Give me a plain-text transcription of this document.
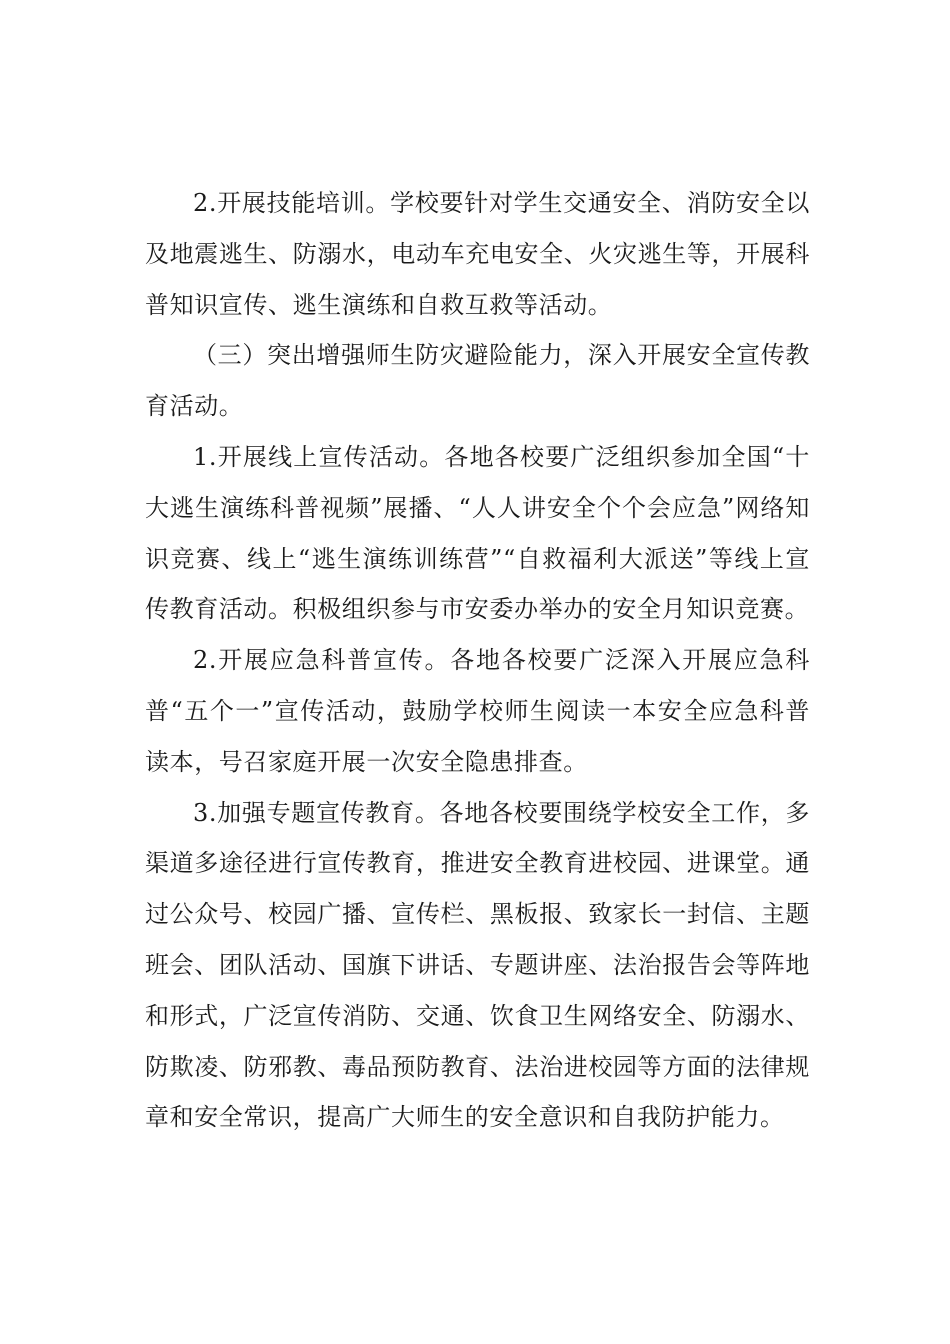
2.开展技能培训。学校要针对学生交通安全、消防安全以及地震逃生、防溺水，电动车充电安全、火灾逃生等，开展科普知识宣传、逃生演练和自救互救等活动。

（三）突出增强师生防灾避险能力，深入开展安全宣传教育活动。

1.开展线上宣传活动。各地各校要广泛组织参加全国“十大逃生演练科普视频”展播、“人人讲安全个个会应急”网络知识竞赛、线上“逃生演练训练营”“自救福利大派送”等线上宣传教育活动。积极组织参与市安委办举办的安全月知识竞赛。

2.开展应急科普宣传。各地各校要广泛深入开展应急科普“五个一”宣传活动，鼓励学校师生阅读一本安全应急科普读本，号召家庭开展一次安全隐患排查。

3.加强专题宣传教育。各地各校要围绕学校安全工作，多渠道多途径进行宣传教育，推进安全教育进校园、进课堂。通过公众号、校园广播、宣传栏、黑板报、致家长一封信、主题班会、团队活动、国旗下讲话、专题讲座、法治报告会等阵地和形式，广泛宣传消防、交通、饮食卫生网络安全、防溺水、防欺凌、防邪教、毒品预防教育、法治进校园等方面的法律规章和安全常识，提高广大师生的安全意识和自我防护能力。
